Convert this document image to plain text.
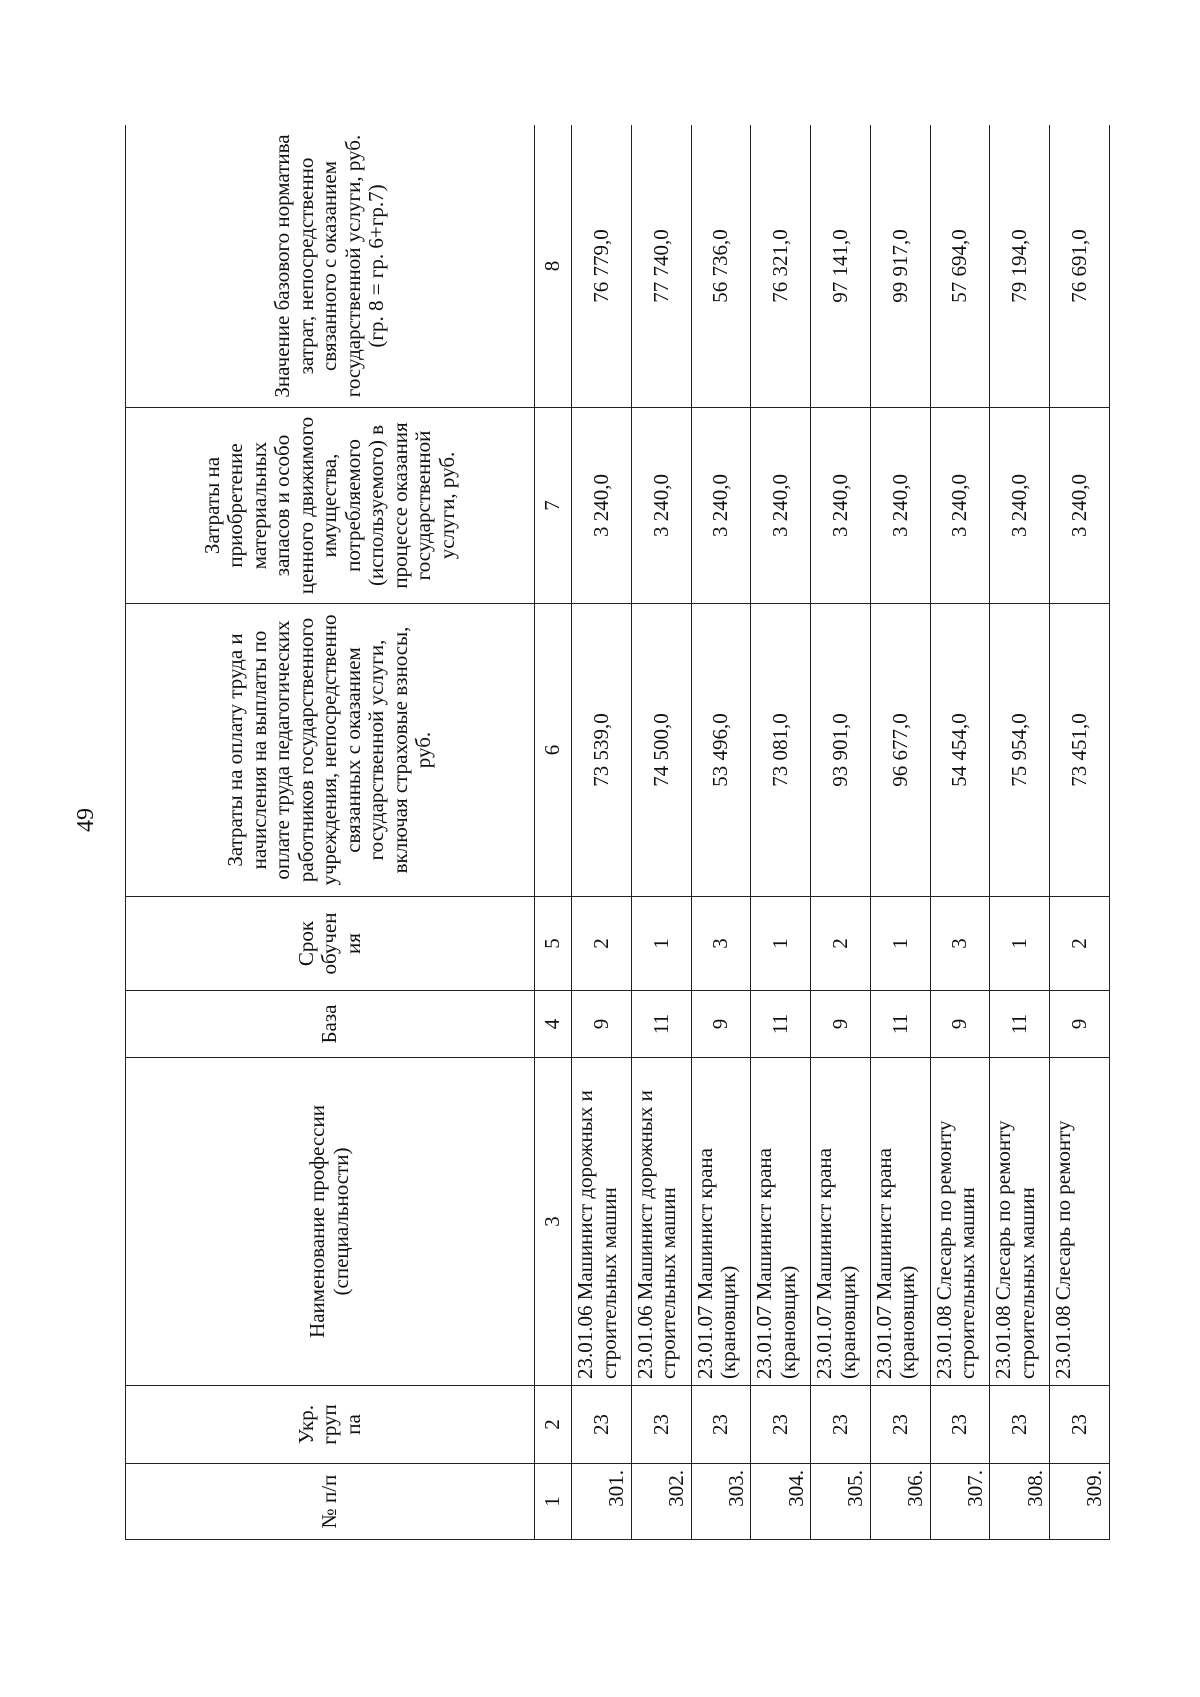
49
№ п/п	Укр. груп па	Наименование профессии (специальности)	База	Срок обучен ия	Затраты на оплату труда и начисления на выплаты по оплате труда педагогических работников государственного учреждения, непосредственно связанных с оказанием государственной услуги, включая страховые взносы, руб.	Затраты на приобретение материальных запасов и особо ценного движимого имущества, потребляемого (используемого) в процессе оказания государственной услуги, руб.	Значение базового норматива затрат, непосредственно связанного с оказанием государственной услуги, руб. (гр. 8 = гр. 6+гр.7)
1	2	3	4	5	6	7	8
301.	23	23.01.06 Машинист дорожных и строительных машин	9	2	73 539,0	3 240,0	76 779,0
302.	23	23.01.06 Машинист дорожных и строительных машин	11	1	74 500,0	3 240,0	77 740,0
303.	23	23.01.07 Машинист крана (крановщик)	9	3	53 496,0	3 240,0	56 736,0
304.	23	23.01.07 Машинист крана (крановщик)	11	1	73 081,0	3 240,0	76 321,0
305.	23	23.01.07 Машинист крана (крановщик)	9	2	93 901,0	3 240,0	97 141,0
306.	23	23.01.07 Машинист крана (крановщик)	11	1	96 677,0	3 240,0	99 917,0
307.	23	23.01.08 Слесарь по ремонту строительных машин	9	3	54 454,0	3 240,0	57 694,0
308.	23	23.01.08 Слесарь по ремонту строительных машин	11	1	75 954,0	3 240,0	79 194,0
309.	23	23.01.08 Слесарь по ремонту	9	2	73 451,0	3 240,0	76 691,0
